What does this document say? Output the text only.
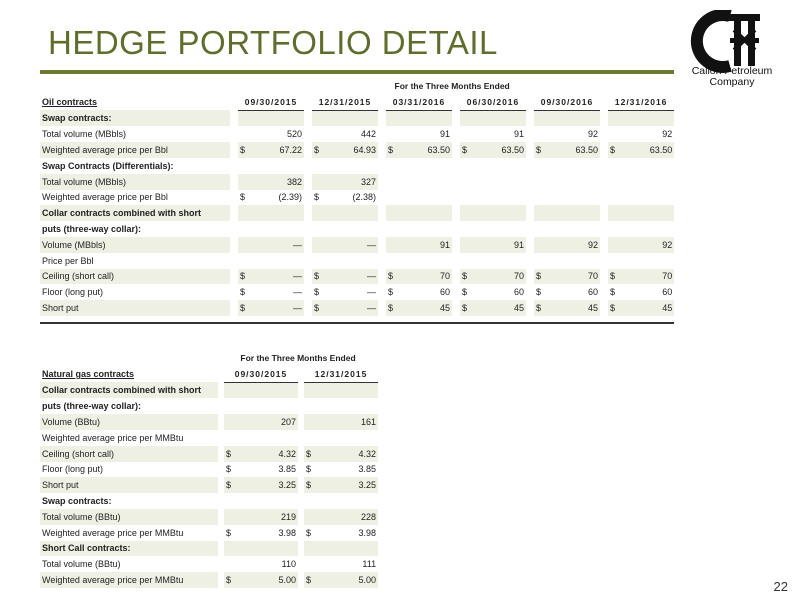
HEDGE PORTFOLIO DETAIL
Callon Petroleum
Company
	For the Three Months Ended																	
Oil contracts		09/30/2015			12/31/2015			03/31/2016			06/30/2016			09/30/2016			12/31/2016	
Swap contracts:																		
Total volume (MBbls)			520			442			91			91			92			92
Weighted average price per Bbl		$	67.22		$	64.93		$	63.50		$	63.50		$	63.50		$	63.50
Swap Contracts (Differentials):																		
Total volume (MBbls)			382			327												
Weighted average price per Bbl		$	(2.39)		$	(2.38)												
Collar contracts combined with short																		
puts (three-way collar):																		
Volume (MBbls)			—			—			91			91			92			92
Price per Bbl																		
Ceiling (short call)		$	—		$	—		$	70		$	70		$	70		$	70
Floor (long put)		$	—		$	—		$	60		$	60		$	60		$	60
Short put		$	—		$	—		$	45		$	45		$	45		$	45

	For the Three Months Ended					
Natural gas contracts		09/30/2015			12/31/2015	
Collar contracts combined with short						
puts (three-way collar):						
Volume (BBtu)			207			161
Weighted average price per MMBtu						
Ceiling (short call)		$	4.32		$	4.32
Floor (long put)		$	3.85		$	3.85
Short put		$	3.25		$	3.25
Swap contracts:						
Total volume (BBtu)			219			228
Weighted average price per MMBtu		$	3.98		$	3.98
Short Call contracts:						
Total volume (BBtu)			110			111
Weighted average price per MMBtu		$	5.00		$	5.00	22
